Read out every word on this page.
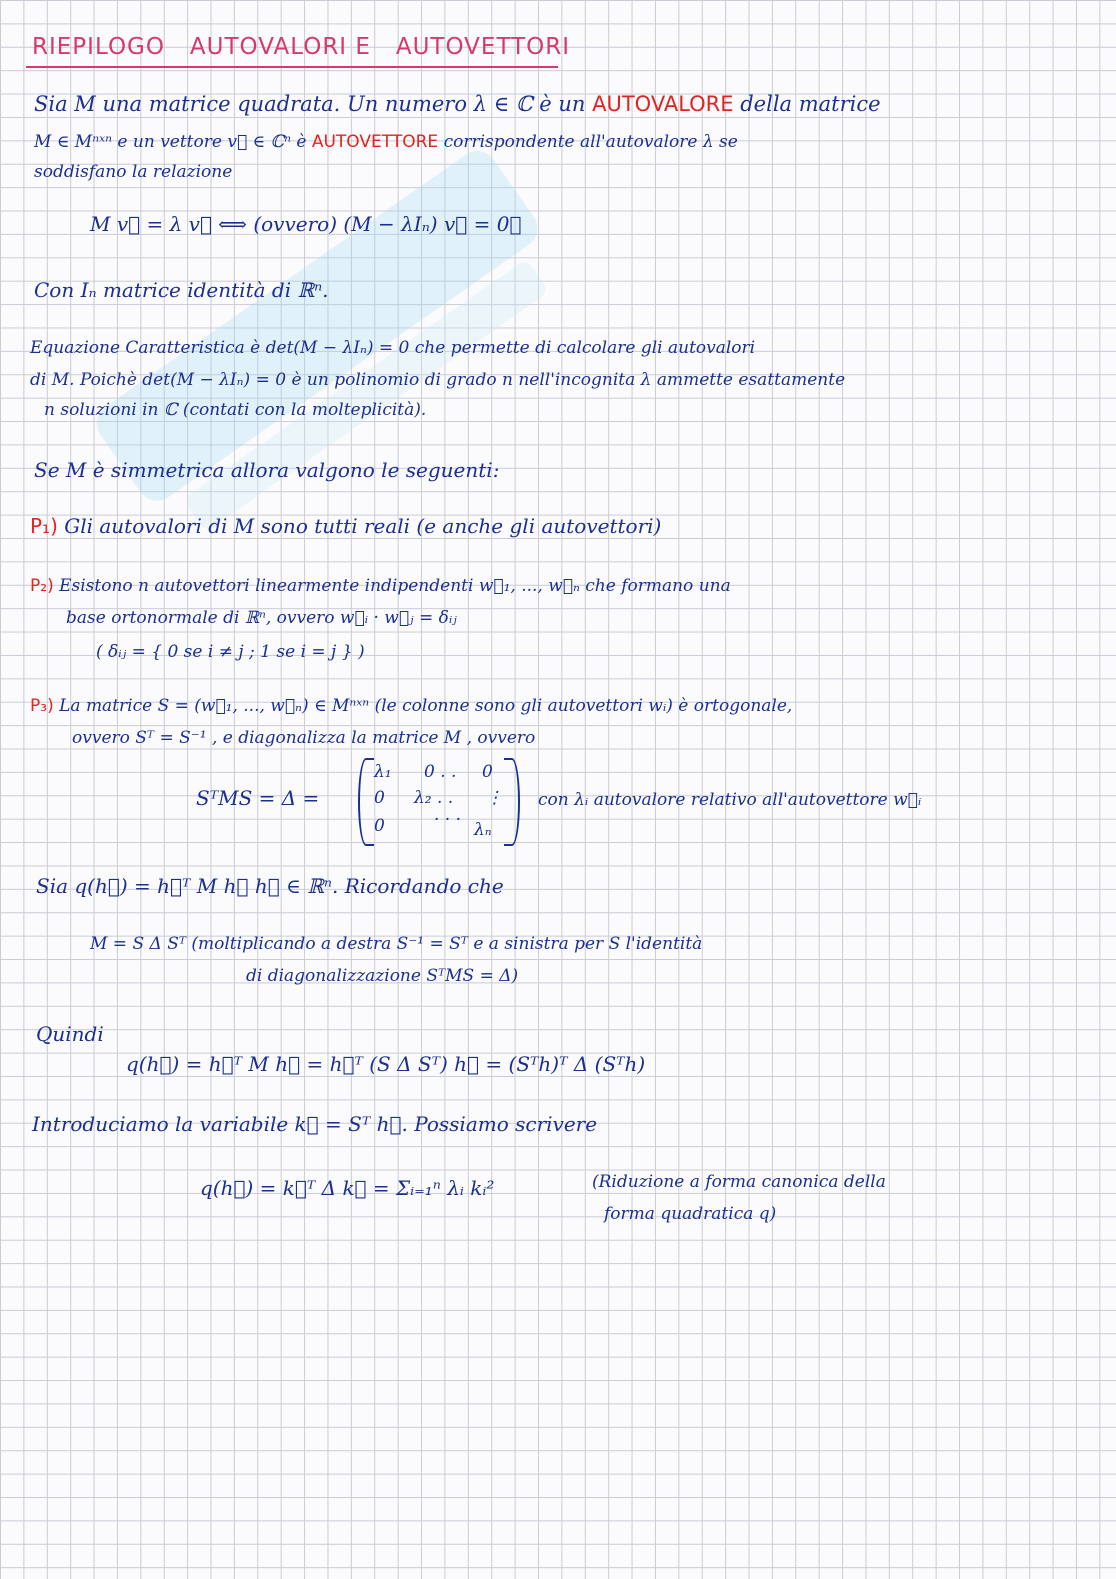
RIEPILOGO   AUTOVALORI E   AUTOVETTORI
Sia M una matrice quadrata. Un numero λ ∈ ℂ è un AUTOVALORE della matrice
M ∈ Mⁿˣⁿ e un vettore v⃗ ∈ ℂⁿ è AUTOVETTORE corrispondente all'autovalore λ se
soddisfano la relazione
M v⃗ = λ v⃗ ⟺ (ovvero) (M − λIₙ) v⃗ = 0⃗
Con Iₙ matrice identità di ℝⁿ.
Equazione Caratteristica è det(M − λIₙ) = 0 che permette di calcolare gli autovalori
di M. Poichè det(M − λIₙ) = 0 è un polinomio di grado n nell'incognita λ ammette esattamente
n soluzioni in ℂ (contati con la molteplicità).
Se M è simmetrica allora valgono le seguenti:
P₁) Gli autovalori di M sono tutti reali (e anche gli autovettori)
P₂) Esistono n autovettori linearmente indipendenti w⃗₁, ..., w⃗ₙ che formano una
base ortonormale di ℝⁿ, ovvero w⃗ᵢ · w⃗ⱼ = δᵢⱼ
( δᵢⱼ = { 0 se i ≠ j ; 1 se i = j } )
P₃) La matrice S = (w⃗₁, ..., w⃗ₙ) ∈ Mⁿˣⁿ (le colonne sono gli autovettori wᵢ) è ortogonale,
ovvero Sᵀ = S⁻¹ , e diagonalizza la matrice M , ovvero
SᵀMS = Δ =
λ₁ 0 . . 0
0 λ₂ . . ⋮
0	· · · λₙ
con λᵢ autovalore relativo all'autovettore w⃗ᵢ
Sia q(h⃗) = h⃗ᵀ M h⃗ h⃗ ∈ ℝⁿ. Ricordando che
M = S Δ Sᵀ (moltiplicando a destra S⁻¹ = Sᵀ e a sinistra per S l'identità
di diagonalizzazione SᵀMS = Δ)
Quindi
q(h⃗) = h⃗ᵀ M h⃗ = h⃗ᵀ (S Δ Sᵀ) h⃗ = (Sᵀh)ᵀ Δ (Sᵀh)
Introduciamo la variabile k⃗ = Sᵀ h⃗. Possiamo scrivere
q(h⃗) = k⃗ᵀ Δ k⃗ = Σᵢ₌₁ⁿ λᵢ kᵢ²	(Riduzione a forma canonica della
forma quadratica q)
